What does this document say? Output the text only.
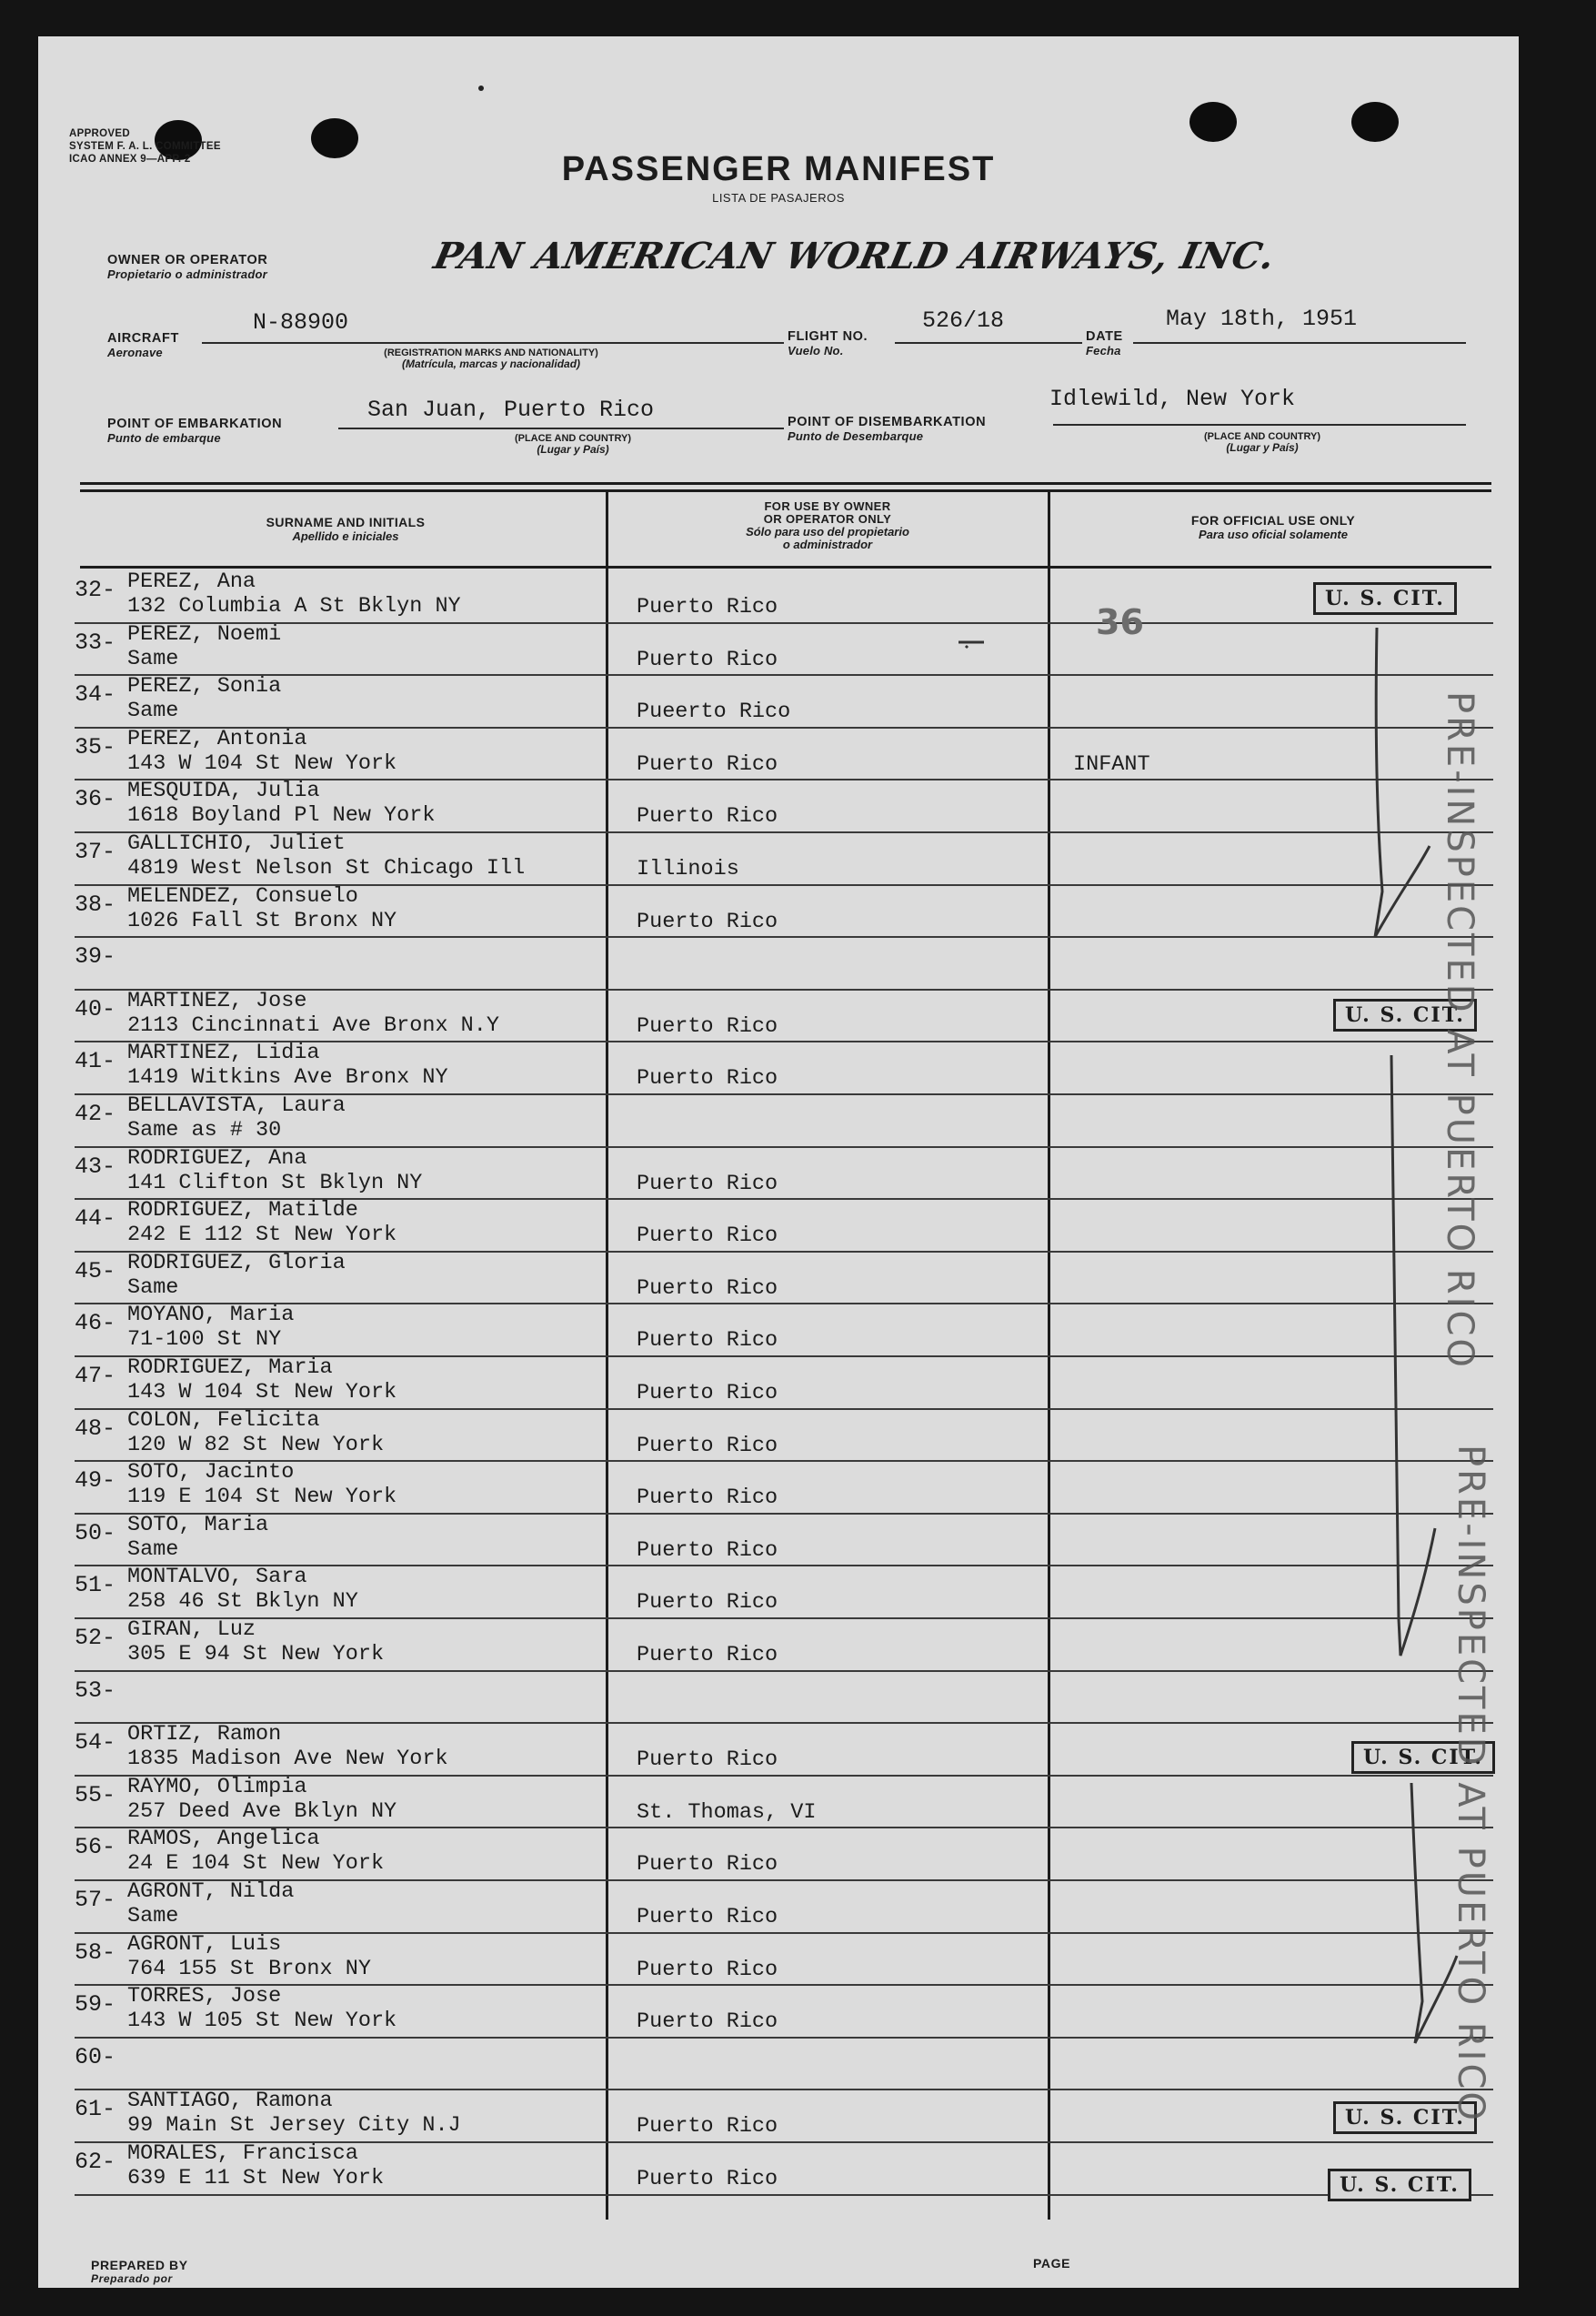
APPROVED
SYSTEM F. A. L. COMMITTEE
ICAO ANNEX 9—APP. 2	PASSENGER MANIFEST
LISTA DE PASAJEROS
OWNER OR OPERATOR
Propietario o administrador	PAN AMERICAN WORLD AIRWAYS, INC.
AIRCRAFT
Aeronave
N-88900
(REGISTRATION MARKS AND NATIONALITY)
(Matrícula, marcas y nacionalidad)
FLIGHT NO.
Vuelo No.
526/18
DATE
Fecha
May 18th, 1951
POINT OF EMBARKATION
Punto de embarque
San Juan, Puerto Rico
(PLACE AND COUNTRY)
(Lugar y País)
POINT OF DISEMBARKATION
Punto de Desembarque
Idlewild, New York
(PLACE AND COUNTRY)
(Lugar y País)
SURNAME AND INITIALS
Apellido e iniciales
FOR USE BY OWNER
OR OPERATOR ONLY
Sólo para uso del propietario
o administrador
FOR OFFICIAL USE ONLY
Para uso oficial solamente
32- PEREZ, Ana
132 Columbia A St Bklyn NY	Puerto Rico
33- PEREZ, Noemi
Same	Puerto Rico
34- PEREZ, Sonia
Same	Pueerto Rico
35- PEREZ, Antonia
143 W 104 St New York	Puerto Rico	INFANT
36- MESQUIDA, Julia
1618 Boyland Pl New York	Puerto Rico
37- GALLICHIO, Juliet
4819 West Nelson St Chicago Ill	Illinois
38- MELENDEZ, Consuelo
1026 Fall St Bronx NY	Puerto Rico
39-
40- MARTINEZ, Jose
2113 Cincinnati Ave Bronx N.Y	Puerto Rico
41- MARTINEZ, Lidia
1419 Witkins Ave Bronx NY	Puerto Rico
42- BELLAVISTA, Laura
Same as # 30
43- RODRIGUEZ, Ana
141 Clifton St Bklyn NY	Puerto Rico
44- RODRIGUEZ, Matilde
242 E 112 St New York	Puerto Rico
45- RODRIGUEZ, Gloria
Same	Puerto Rico
46- MOYANO, Maria
71-100 St NY	Puerto Rico
47- RODRIGUEZ, Maria
143 W 104 St New York	Puerto Rico
48- COLON, Felicita
120 W 82 St New York	Puerto Rico
49- SOTO, Jacinto
119 E 104 St New York	Puerto Rico
50- SOTO, Maria
Same	Puerto Rico
51- MONTALVO, Sara
258 46 St Bklyn NY	Puerto Rico
52- GIRAN, Luz
305 E 94 St New York	Puerto Rico
53-
54- ORTIZ, Ramon
1835 Madison Ave New York	Puerto Rico
55- RAYMO, Olimpia
257 Deed Ave Bklyn NY	St. Thomas, VI
56- RAMOS, Angelica
24 E 104 St New York	Puerto Rico
57- AGRONT, Nilda
Same	Puerto Rico
58- AGRONT, Luis
764 155 St Bronx NY	Puerto Rico
59- TORRES, Jose
143 W 105 St New York	Puerto Rico
60-
61- SANTIAGO, Ramona
99 Main St Jersey City N.J	Puerto Rico
62- MORALES, Francisca
639 E 11 St New York	Puerto Rico
36
U. S. CIT.
U. S. CIT.
U. S. CIT.
U. S. CIT.
U. S. CIT.
PRE-INSPECTED AT PUERTO RICO
PRE-INSPECTED AT PUERTO RICO
PREPARED BY
Preparado por
PAGE
